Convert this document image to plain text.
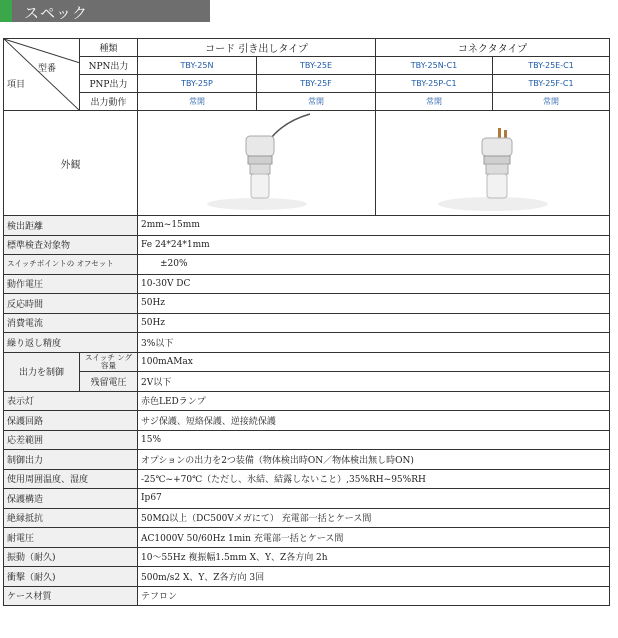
スペック
型番
項目	種類	コード 引き出しタイプ		コネクタタイプ	
	NPN出力	TBY-25N	TBY-25E	TBY-25N-C1	TBY-25E-C1
	PNP出力	TBY-25P	TBY-25F	TBY-25P-C1	TBY-25F-C1
	出力動作	常開	常開	常開	常開
外観		
検出距離		2mm~15mm			
標準検査対象物		Fe 24*24*1mm			
スイッチポイントの オフセット		±20%			
動作電圧		10-30V DC			
反応時間		50Hz			
消費電流		50Hz			
繰り返し精度		3%以下			
出力を制御	スイッチ ング容量	100mAMax			
	残留電圧	2V以下			
表示灯		赤色LEDランプ			
保護回路		サジ保護、短絡保護、逆接続保護			
応差範囲		15%			
制御出力		オプションの出力を2つ装備（物体検出時ON／物体検出無し時ON)			
使用周囲温度、湿度		-25℃~+70℃（ただし、氷結、結露しないこと）,35%RH~95%RH			
保護構造		Ip67			
絶縁抵抗		50MΩ以上（DC500Vメガにて） 充電部一括とケース間			
耐電圧		AC1000V 50/60Hz 1min 充電部一括とケース間			
振動（耐久)		10～55Hz 複振幅1.5mm X、Y、Z各方向 2h			
衝撃（耐久)		500m/s2 X、Y、Z各方向 3回			
ケース材質		テフロン			
